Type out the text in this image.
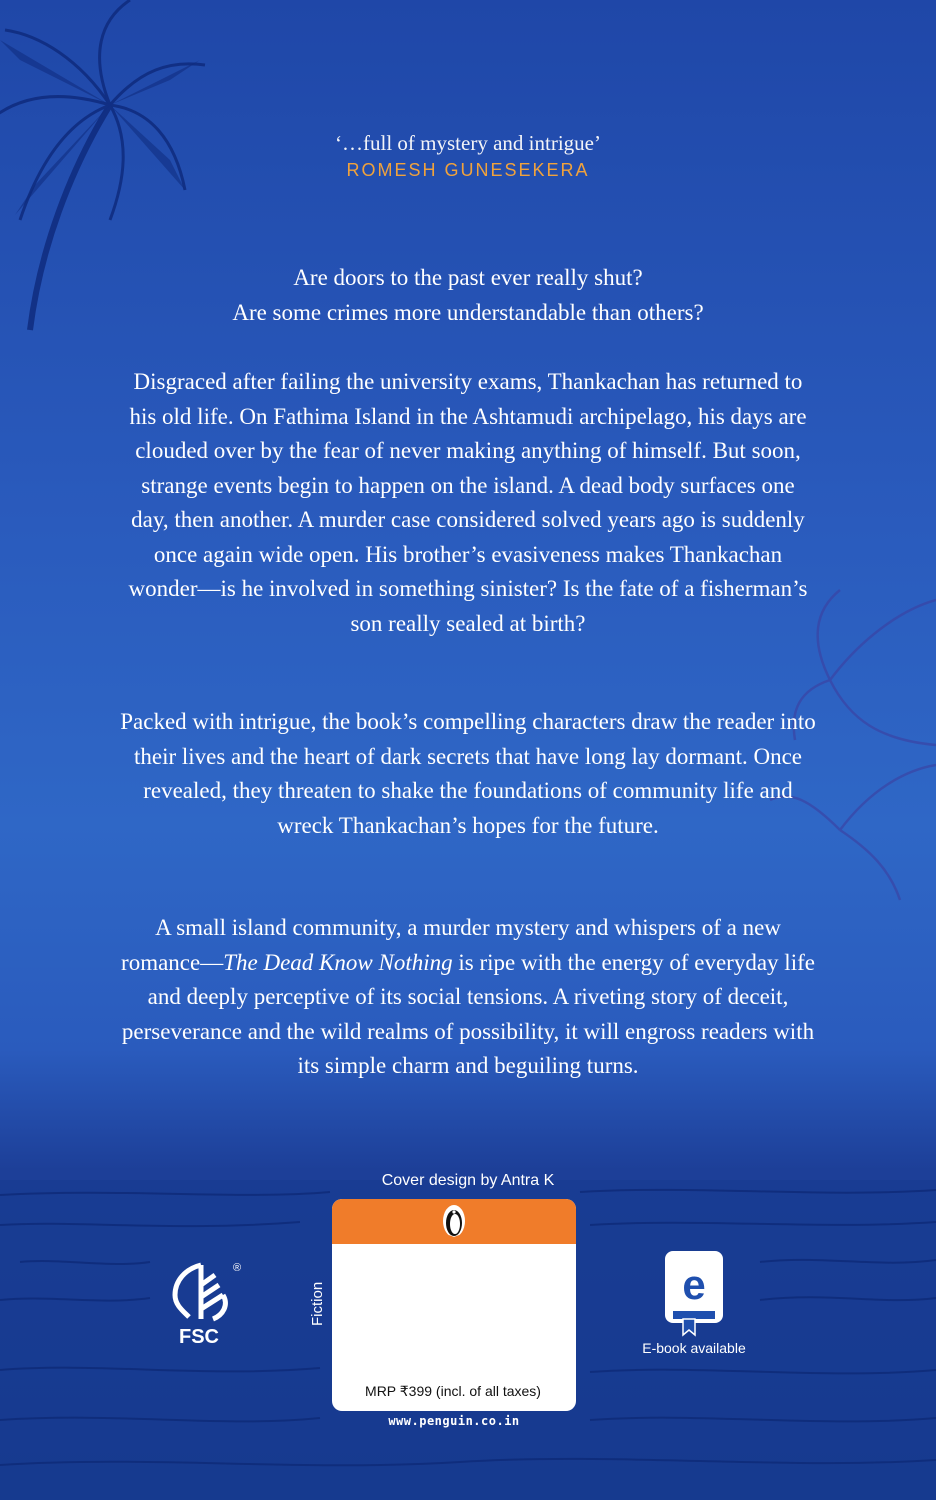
‘…full of mystery and intrigue’
ROMESH GUNESEKERA
Are doors to the past ever really shut?
Are some crimes more understandable than others?
Disgraced after failing the university exams, Thankachan has returned to his old life. On Fathima Island in the Ashtamudi archipelago, his days are clouded over by the fear of never making anything of himself. But soon, strange events begin to happen on the island. A dead body surfaces one day, then another. A murder case considered solved years ago is suddenly once again wide open. His brother’s evasiveness makes Thankachan wonder—is he involved in something sinister? Is the fate of a fisherman’s son really sealed at birth?
Packed with intrigue, the book’s compelling characters draw the reader into their lives and the heart of dark secrets that have long lay dormant. Once revealed, they threaten to shake the foundations of community life and wreck Thankachan’s hopes for the future.
A small island community, a murder mystery and whispers of a new romance—The Dead Know Nothing is ripe with the energy of everyday life and deeply perceptive of its social tensions. A riveting story of deceit, perseverance and the wild realms of possibility, it will engross readers with its simple charm and beguiling turns.
Cover design by Antra K
Fiction
MRP ₹399 (incl. of all taxes)
www.penguin.co.in
®
FSC
e
E-book available
